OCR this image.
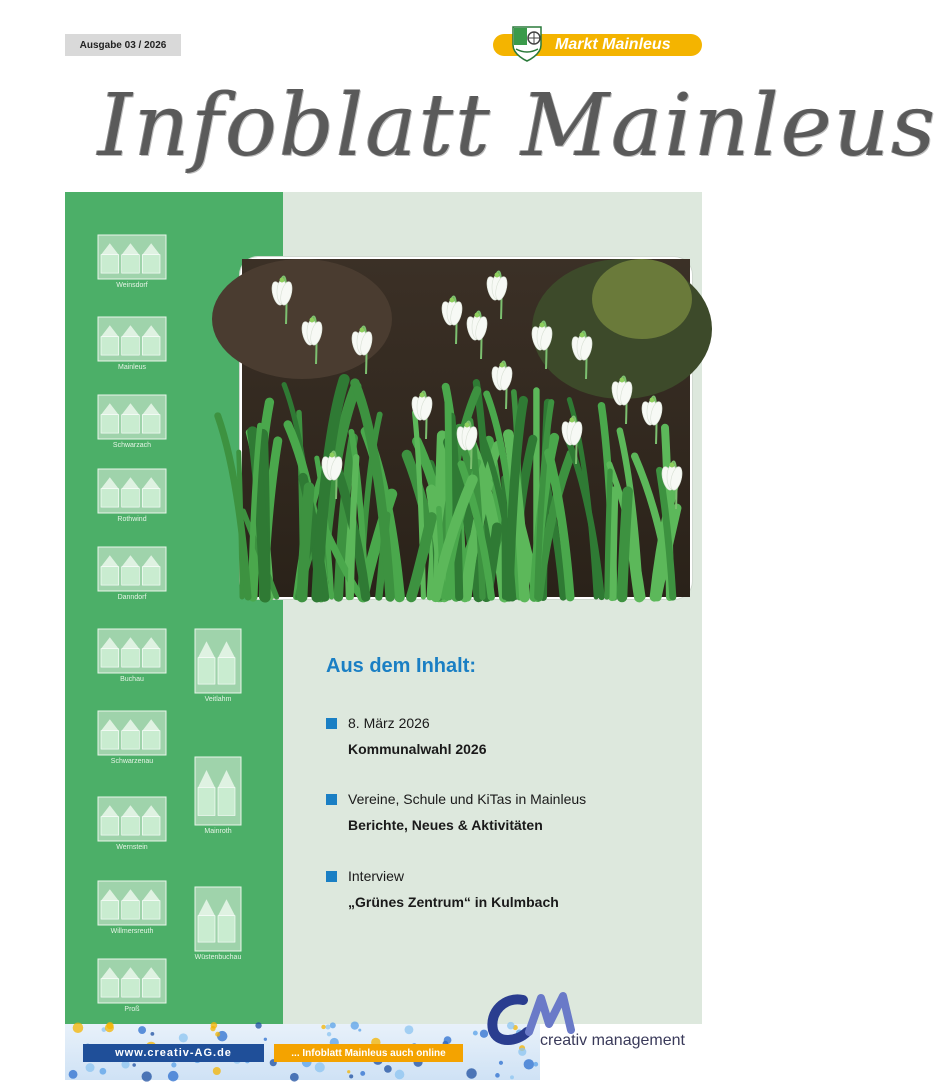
Ausgabe 03 / 2026	Markt Mainleus
Infoblatt Mainleus
Weinsdorf
Mainleus
Schwarzach
Rothwind
Danndorf
Buchau
Veitlahm
Schwarzenau
Mainroth
Wernstein
Willmersreuth
Wüstenbuchau
Proß
Aus dem Inhalt:
8. März 2026
Kommunalwahl 2026
Vereine, Schule und KiTas in Mainleus
Berichte, Neues & Aktivitäten
Interview
„Grünes Zentrum“ in Kulmbach
www.creativ-AG.de	... Infoblatt Mainleus auch online
creativ management
